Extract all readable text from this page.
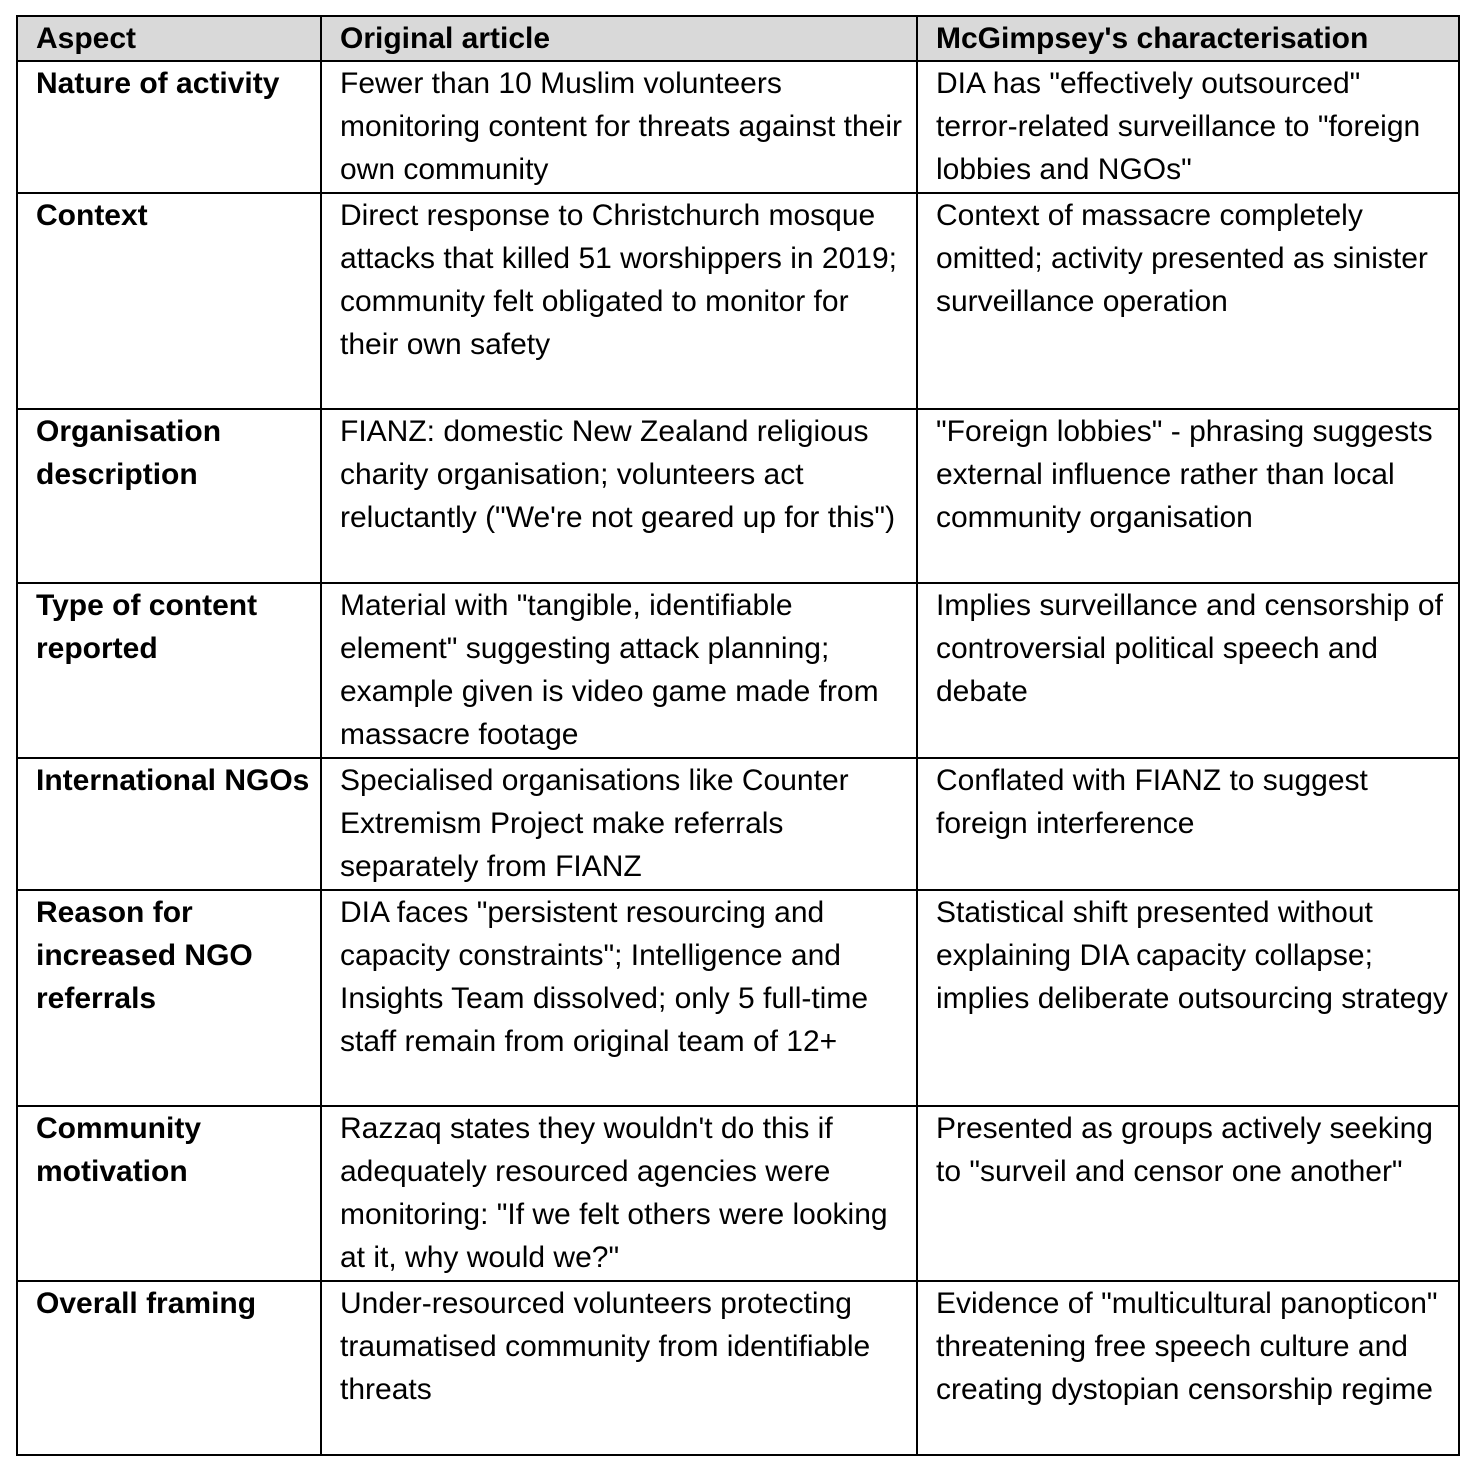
Aspect	Original article	McGimpsey's characterisation
Nature of activity	Fewer than 10 Muslim volunteers monitoring content for threats against their own community	DIA has "effectively outsourced" terror-related surveillance to "foreign lobbies and NGOs"
Context	Direct response to Christchurch mosque attacks that killed 51 worshippers in 2019; community felt obligated to monitor for their own safety	Context of massacre completely omitted; activity presented as sinister surveillance operation
Organisation description	FIANZ: domestic New Zealand religious charity organisation; volunteers act reluctantly ("We're not geared up for this")	"Foreign lobbies" - phrasing suggests external influence rather than local community organisation
Type of content reported	Material with "tangible, identifiable element" suggesting attack planning; example given is video game made from massacre footage	Implies surveillance and censorship of controversial political speech and debate
International NGOs	Specialised organisations like Counter Extremism Project make referrals separately from FIANZ	Conflated with FIANZ to suggest foreign interference
Reason for increased NGO referrals	DIA faces "persistent resourcing and capacity constraints"; Intelligence and Insights Team dissolved; only 5 full-time staff remain from original team of 12+	Statistical shift presented without explaining DIA capacity collapse; implies deliberate outsourcing strategy
Community motivation	Razzaq states they wouldn't do this if adequately resourced agencies were monitoring: "If we felt others were looking at it, why would we?"	Presented as groups actively seeking to "surveil and censor one another"
Overall framing	Under-resourced volunteers protecting traumatised community from identifiable threats	Evidence of "multicultural panopticon" threatening free speech culture and creating dystopian censorship regime
